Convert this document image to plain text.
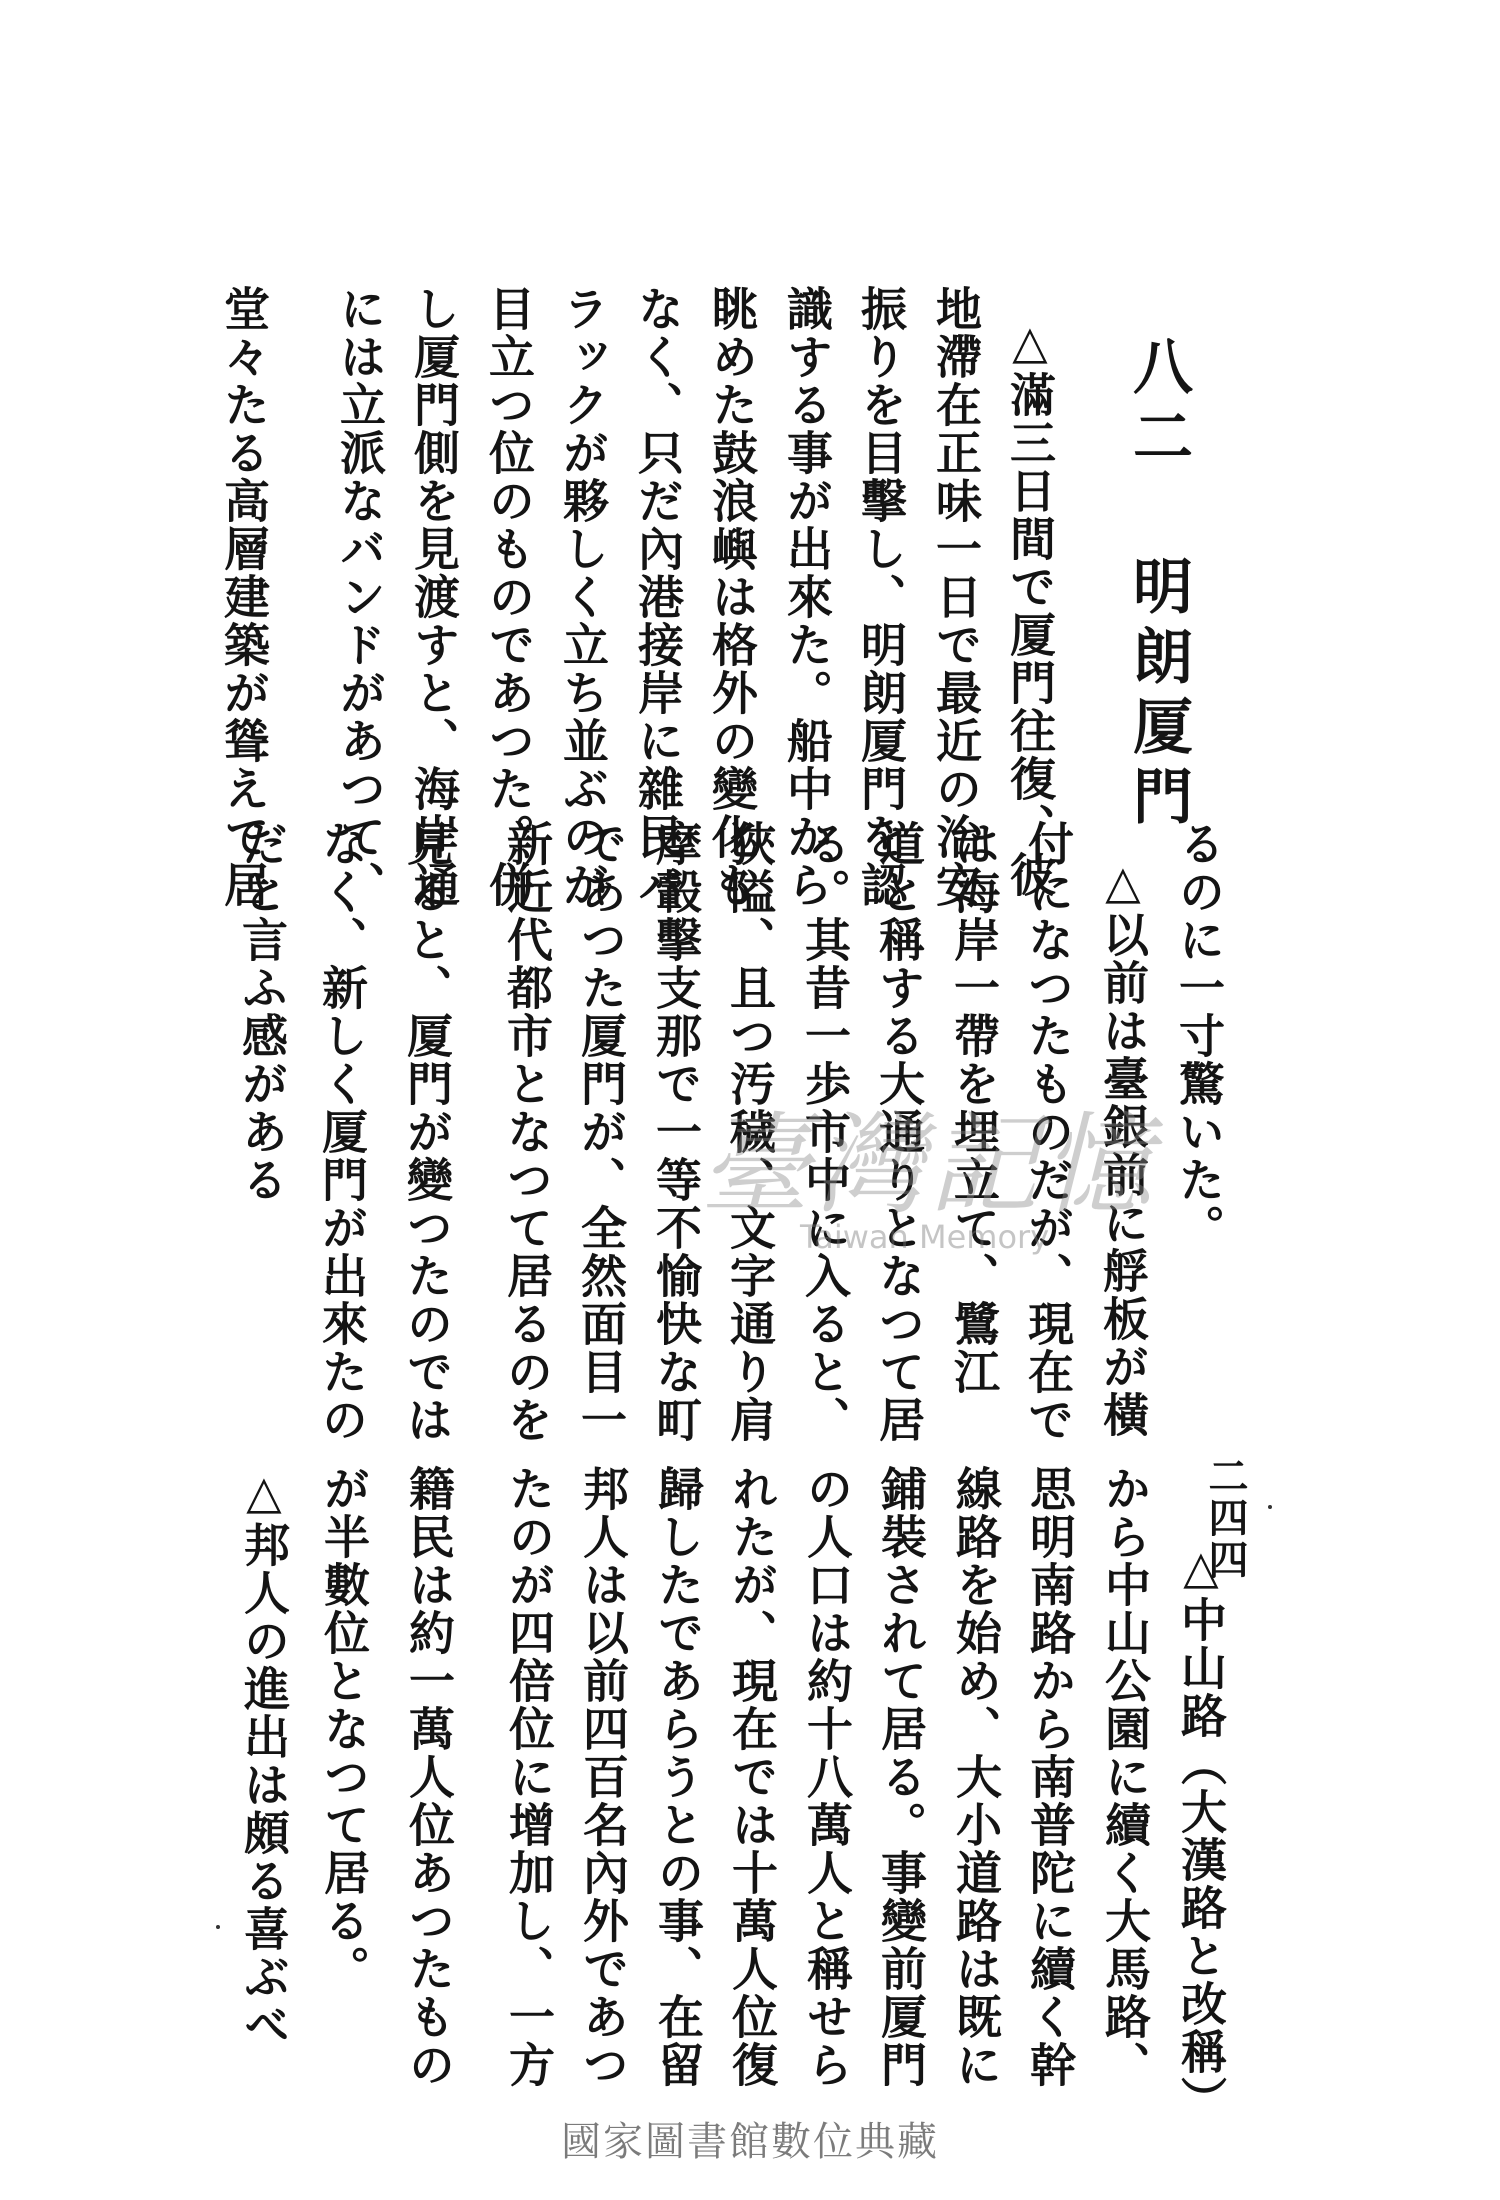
八二 明朗厦門
△滿三日間で厦門往復、彼
地滯在正味一日で最近の治安
振りを目擊し、明朗厦門を認
識する事が出來た。船中から
眺めた鼓浪嶼は格外の變化も
なく、只だ內港接岸に雜民バ
ラックが夥しく立ち並ぶのが
目立つ位のものであつた。併
し厦門側を見渡すと、海岸通
には立派なバンドがあつて、
堂々たる高層建築が聳えて居
るのに一寸驚いた。
△以前は臺銀前に艀板が橫
付になつたものだが、現在で
は海岸一帶を埋立て、鷺江
道と稱する大通りとなつて居
る。其昔一歩市中に入ると、
狹隘、且つ汚穢、文字通り肩
摩轂擊支那で一等不愉快な町
であつた厦門が、全然面目一
新近代都市となつて居るのを
見ると、厦門が變つたのでは
なく、新しく厦門が出來たの
だと言ふ感がある
二四四
△中山路（大漢路と改稱）
から中山公園に續く大馬路、
思明南路から南普陀に續く幹
線路を始め、大小道路は既に
鋪裝されて居る。事變前厦門
の人口は約十八萬人と稱せら
れたが、現在では十萬人位復
歸したであらうとの事、在留
邦人は以前四百名內外であつ
たのが四倍位に增加し、一方
籍民は約一萬人位あつたもの
が半數位となつて居る。
△邦人の進出は頗る喜ぶべ
臺灣記憶
Taiwan Memory
國家圖書館數位典藏
